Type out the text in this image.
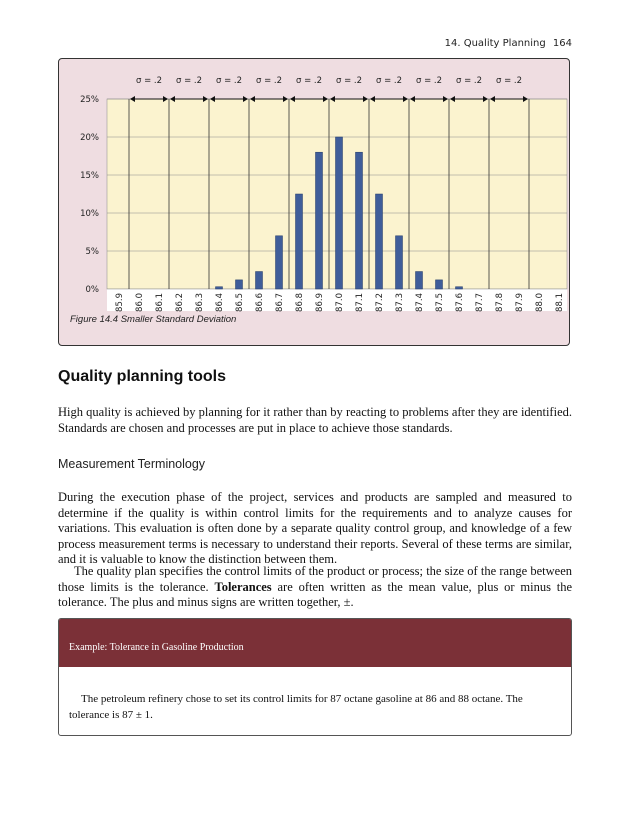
14. Quality Planning 164
0%
5%
10%
15%
20%
25%
σ = .2 σ = .2 σ = .2 σ = .2 σ = .2 σ = .2 σ = .2 σ = .2 σ = .2 σ = .2
85.9 86.0 86.1 86.2 86.3 86.4 86.5 86.6 86.7 86.8 86.9 87.0 87.1 87.2 87.3 87.4 87.5 87.6 87.7 87.8 87.9 88.0 88.1
Figure 14.4 Smaller Standard Deviation
Quality planning tools

High quality is achieved by planning for it rather than by reacting to problems after they are identified. Standards are chosen and processes are put in place to achieve those standards.

Measurement Terminology

During the execution phase of the project, services and products are sampled and measured to determine if the quality is within control limits for the requirements and to analyze causes for variations. This evaluation is often done by a separate quality control group, and knowledge of a few process measurement terms is necessary to understand their reports. Several of these terms are similar, and it is valuable to know the distinction between them.

The quality plan specifies the control limits of the product or process; the size of the range between those limits is the tolerance. Tolerances are often written as the mean value, plus or minus the tolerance. The plus and minus signs are written together, ±.

Example: Tolerance in Gasoline Production
The petroleum refinery chose to set its control limits for 87 octane gasoline at 86 and 88 octane. The tolerance is 87 ± 1.
